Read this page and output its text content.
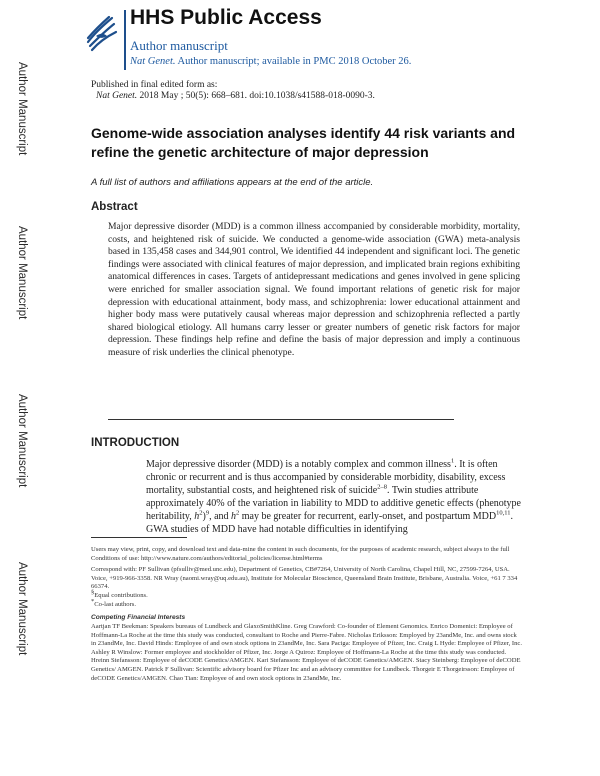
Author Manuscript
Author Manuscript
Author Manuscript
Author Manuscript
HHS Public Access
Author manuscript
Nat Genet. Author manuscript; available in PMC 2018 October 26.
Published in final edited form as:
Nat Genet. 2018 May ; 50(5): 668–681. doi:10.1038/s41588-018-0090-3.
Genome-wide association analyses identify 44 risk variants and refine the genetic architecture of major depression
A full list of authors and affiliations appears at the end of the article.
Abstract
Major depressive disorder (MDD) is a common illness accompanied by considerable morbidity, mortality, costs, and heightened risk of suicide. We conducted a genome-wide association (GWA) meta-analysis based in 135,458 cases and 344,901 control, We identified 44 independent and significant loci. The genetic findings were associated with clinical features of major depression, and implicated brain regions exhibiting anatomical differences in cases. Targets of antidepressant medications and genes involved in gene splicing were enriched for smaller association signal. We found important relations of genetic risk for major depression with educational attainment, body mass, and schizophrenia: lower educational attainment and higher body mass were putatively causal whereas major depression and schizophrenia reflected a partly shared biological etiology. All humans carry lesser or greater numbers of genetic risk factors for major depression. These findings help refine and define the basis of major depression and imply a continuous measure of risk underlies the clinical phenotype.
INTRODUCTION
Major depressive disorder (MDD) is a notably complex and common illness$^1$. It is often chronic or recurrent and is thus accompanied by considerable morbidity, disability, excess mortality, substantial costs, and heightened risk of suicide$^{2-8}$. Twin studies attribute approximately 40% of the variation in liability to MDD to additive genetic effects (phenotype heritability, $h^2)^9$, and $h^2$ may be greater for recurrent, early-onset, and postpartum MDD$^{10,11}$. GWA studies of MDD have had notable difficulties in identifying
Users may view, print, copy, and download text and data-mine the content in such documents, for the purposes of academic research, subject always to the full Conditions of use: http://www.nature.com/authors/editorial_policies/license.html#terms
Correspond with: PF Sullivan (pfsulliv@med.unc.edu), Department of Genetics, CB#7264, University of North Carolina, Chapel Hill, NC, 27599-7264, USA. Voice, +919-966-3358. NR Wray (naomi.wray@uq.edu.au), Institute for Molecular Bioscience, Queensland Brain Institute, Brisbane, Australia. Voice, +61 7 334 66374.
§Equal contributions.
*Co-last authors.
Competing Financial Interests
Aartjan TF Beekman: Speakers bureaus of Lundbeck and GlaxoSmithKline. Greg Crawford: Co-founder of Element Genomics. Enrico Domenici: Employee of Hoffmann-La Roche at the time this study was conducted, consultant to Roche and Pierre-Fabre. Nicholas Eriksson: Employed by 23andMe, Inc. and owns stock in 23andMe, Inc. David Hinds: Employee of and own stock options in 23andMe, Inc. Sara Paciga: Employee of Pfizer, Inc. Craig L Hyde: Employee of Pfizer, Inc. Ashley R Winslow: Former employee and stockholder of Pfizer, Inc. Jorge A Quiroz: Employee of Hoffmann-La Roche at the time this study was conducted. Hreinn Stefansson: Employee of deCODE Genetics/AMGEN. Kari Stefansson: Employee of deCODE Genetics/AMGEN. Stacy Steinberg: Employee of deCODE Genetics/ AMGEN. Patrick F Sullivan: Scientific advisory board for Pfizer Inc and an advisory committee for Lundbeck. Thorgeir E Thorgeirsson: Employee of deCODE Genetics/AMGEN. Chao Tian: Employee of and own stock options in 23andMe, Inc.
